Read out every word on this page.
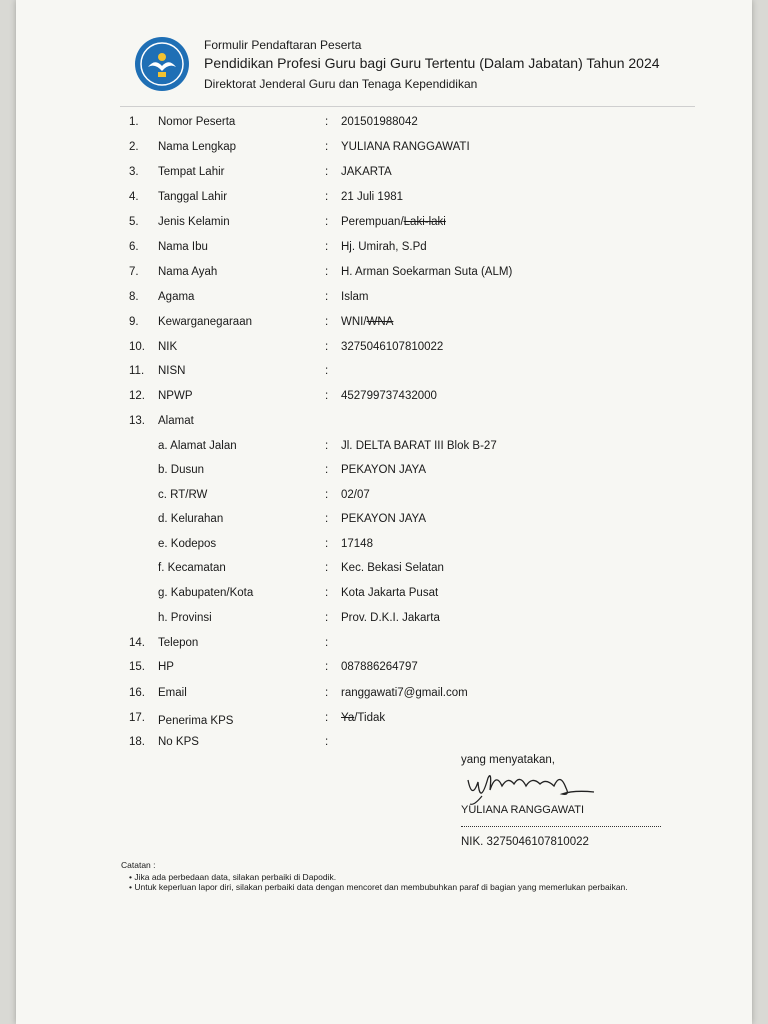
Formulir Pendaftaran Peserta
Pendidikan Profesi Guru bagi Guru Tertentu (Dalam Jabatan) Tahun 2024
Direktorat Jenderal Guru dan Tenaga Kependidikan
1. Nomor Peserta	: 201501988042
2. Nama Lengkap	: YULIANA RANGGAWATI
3. Tempat Lahir	: JAKARTA
4. Tanggal Lahir	: 21 Juli 1981
5. Jenis Kelamin	: Perempuan/Laki-laki
6. Nama Ibu	: Hj. Umirah, S.Pd
7. Nama Ayah	: H. Arman Soekarman Suta (ALM)
8. Agama	: Islam
9. Kewarganegaraan	: WNI/WNA
10. NIK	: 3275046107810022
11. NISN	:
12. NPWP	: 452799737432000
13. Alamat
a. Alamat Jalan	: Jl. DELTA BARAT III Blok B-27
b. Dusun	: PEKAYON JAYA
c. RT/RW	: 02/07
d. Kelurahan	: PEKAYON JAYA
e. Kodepos	: 17148
f. Kecamatan	: Kec. Bekasi Selatan
g. Kabupaten/Kota	: Kota Jakarta Pusat
h. Provinsi	: Prov. D.K.I. Jakarta
14. Telepon	:
15. HP	: 087886264797
16. Email	: ranggawati7@gmail.com
17. Penerima KPS	: Ya/Tidak
18. No KPS	:
yang menyatakan,
YULIANA RANGGAWATI
NIK. 3275046107810022
Catatan :
• Jika ada perbedaan data, silakan perbaiki di Dapodik.
• Untuk keperluan lapor diri, silakan perbaiki data dengan mencoret dan membubuhkan paraf di bagian yang memerlukan perbaikan.
